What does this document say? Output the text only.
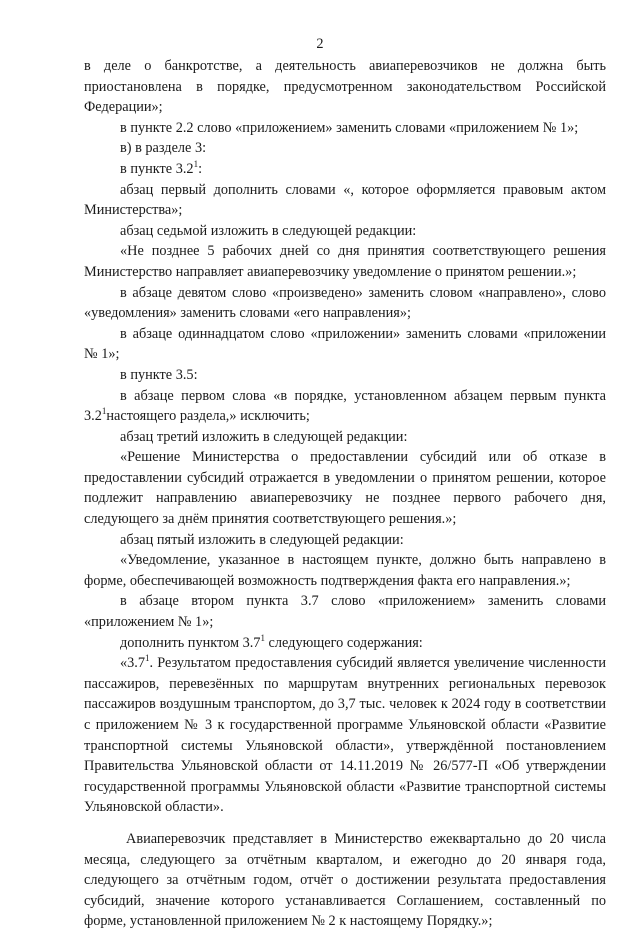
2

в деле о банкротстве, а деятельность авиаперевозчиков не должна быть приостановлена в порядке, предусмотренном законодательством Российской Федерации»;

в пункте 2.2 слово «приложением» заменить словами «приложением № 1»;

в) в разделе 3:

в пункте $3.2^1$:

абзац первый дополнить словами «, которое оформляется правовым актом Министерства»;

абзац седьмой изложить в следующей редакции:

«Не позднее 5 рабочих дней со дня принятия соответствующего решения Министерство направляет авиаперевозчику уведомление о принятом решении.»;

в абзаце девятом слово «произведено» заменить словом «направлено», слово «уведомления» заменить словами «его направления»;

в абзаце одиннадцатом слово «приложении» заменить словами «приложении № 1»;

в пункте 3.5:

в абзаце первом слова «в порядке, установленном абзацем первым пункта $3.2^1настоящего$ раздела,» исключить;

абзац третий изложить в следующей редакции:

«Решение Министерства о предоставлении субсидий или об отказе в предоставлении субсидий отражается в уведомлении о принятом решении, которое подлежит направлению авиаперевозчику не позднее первого рабочего дня, следующего за днём принятия соответствующего решения.»;

абзац пятый изложить в следующей редакции:

«Уведомление, указанное в настоящем пункте, должно быть направлено в форме, обеспечивающей возможность подтверждения факта его направления.»;

в абзаце втором пункта 3.7 слово «приложением» заменить словами «приложением № 1»;

дополнить пунктом $3.7^1$ следующего содержания:

«$3.7^1$. Результатом предоставления субсидий является увеличение численности пассажиров, перевезённых по маршрутам внутренних региональных перевозок пассажиров воздушным транспортом, до 3,7 тыс. человек к 2024 году в соответствии с приложением № 3 к государственной программе Ульяновской области «Развитие транспортной системы Ульяновской области», утверждённой постановлением Правительства Ульяновской области от 14.11.2019 № 26/577-П «Об утверждении государственной программы Ульяновской области «Развитие транспортной системы Ульяновской области».

Авиаперевозчик представляет в Министерство ежеквартально до 20 числа месяца, следующего за отчётным кварталом, и ежегодно до 20 января года, следующего за отчётным годом, отчёт о достижении результата предоставления субсидий, значение которого устанавливается Соглашением, составленный по форме, установленной приложением № 2 к настоящему Порядку.»;
